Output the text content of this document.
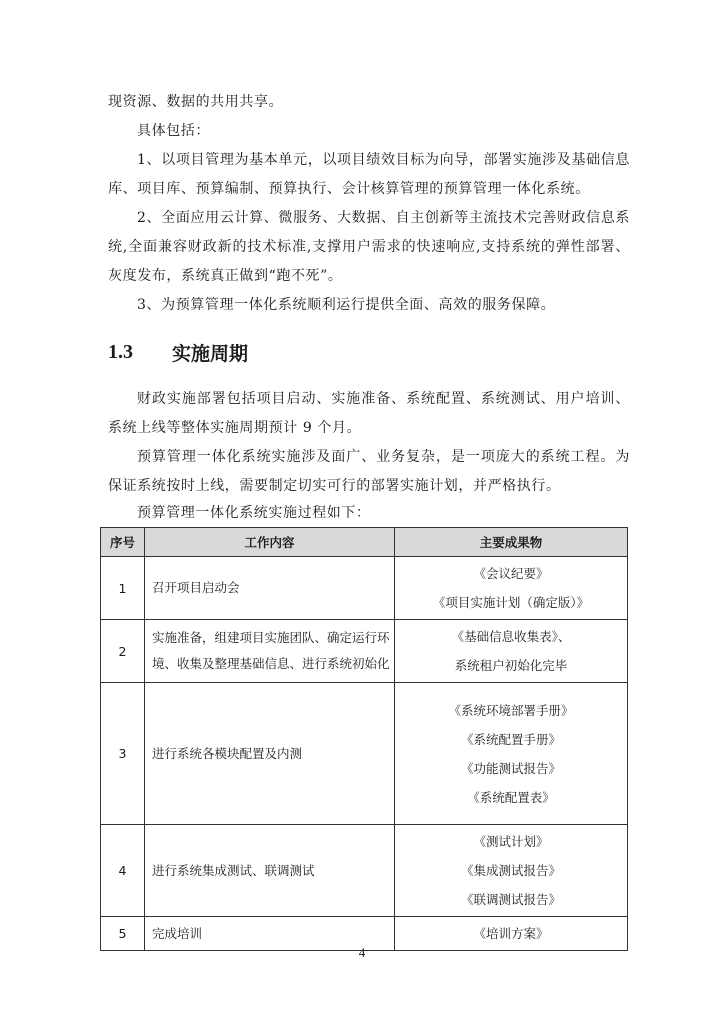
现资源、数据的共用共享。

具体包括：

1、以项目管理为基本单元，以项目绩效目标为向导，部署实施涉及基础信息库、项目库、预算编制、预算执行、会计核算管理的预算管理一体化系统。

2、全面应用云计算、微服务、大数据、自主创新等主流技术完善财政信息系统,全面兼容财政新的技术标准,支撑用户需求的快速响应,支持系统的弹性部署、灰度发布，系统真正做到“跑不死”。

3、为预算管理一体化系统顺利运行提供全面、高效的服务保障。

1.3	实施周期

财政实施部署包括项目启动、实施准备、系统配置、系统测试、用户培训、系统上线等整体实施周期预计 9 个月。

预算管理一体化系统实施涉及面广、业务复杂，是一项庞大的系统工程。为保证系统按时上线，需要制定切实可行的部署实施计划，并严格执行。

预算管理一体化系统实施过程如下：

序号	工作内容	主要成果物
1	召开项目启动会	《会议纪要》
《项目实施计划（确定版）》

2	实施准备，组建项目实施团队、确定运行环境、收集及整理基础信息、进行系统初始化	《基础信息收集表》、
系统租户初始化完毕

3	进行系统各模块配置及内测	《系统环境部署手册》
《系统配置手册》
《功能测试报告》
《系统配置表》

4	进行系统集成测试、联调测试	《测试计划》
《集成测试报告》
《联调测试报告》

5	完成培训	《培训方案》
4
